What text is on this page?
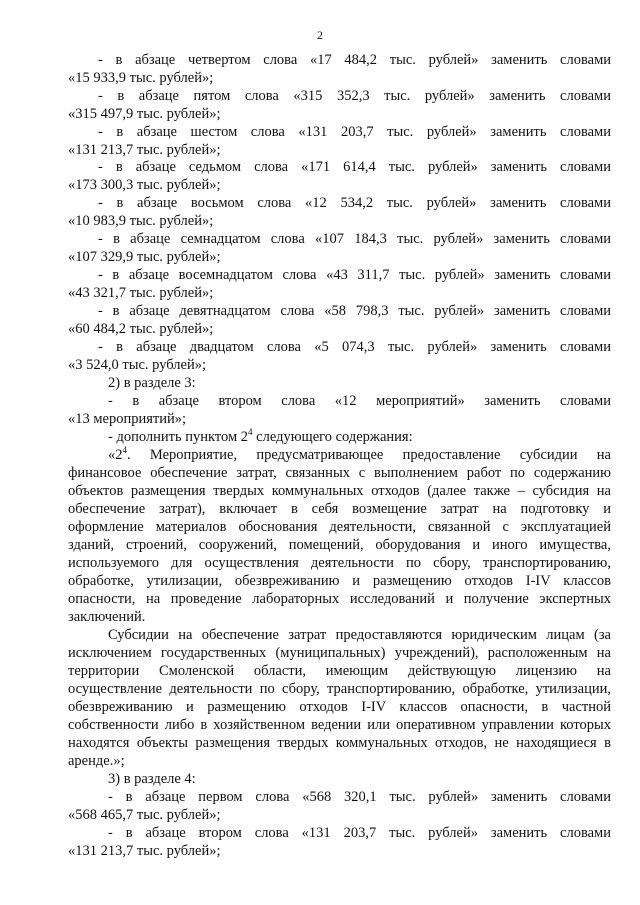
2
- в абзаце четвертом слова «17 484,2 тыс. рублей» заменить словами
«15 933,9 тыс. рублей»;
- в абзаце пятом слова «315 352,3 тыс. рублей» заменить словами
«315 497,9 тыс. рублей»;
- в абзаце шестом слова «131 203,7 тыс. рублей» заменить словами
«131 213,7 тыс. рублей»;
- в абзаце седьмом слова «171 614,4 тыс. рублей» заменить словами
«173 300,3 тыс. рублей»;
- в абзаце восьмом слова «12 534,2 тыс. рублей» заменить словами
«10 983,9 тыс. рублей»;
- в абзаце семнадцатом слова «107 184,3 тыс. рублей» заменить словами
«107 329,9 тыс. рублей»;
- в абзаце восемнадцатом слова «43 311,7 тыс. рублей» заменить словами
«43 321,7 тыс. рублей»;
- в абзаце девятнадцатом слова «58 798,3 тыс. рублей» заменить словами
«60 484,2 тыс. рублей»;
- в абзаце двадцатом слова «5 074,3 тыс. рублей» заменить словами
«3 524,0 тыс. рублей»;
2) в разделе 3:
- в абзаце втором слова «12 мероприятий» заменить словами
«13 мероприятий»;
- дополнить пунктом $2^4$ следующего содержания:
«$2^4$. Мероприятие, предусматривающее предоставление субсидии на
финансовое обеспечение затрат, связанных с выполнением работ по содержанию
объектов размещения твердых коммунальных отходов (далее также – субсидия на
обеспечение затрат), включает в себя возмещение затрат на подготовку и
оформление материалов обоснования деятельности, связанной с эксплуатацией
зданий, строений, сооружений, помещений, оборудования и иного имущества,
используемого для осуществления деятельности по сбору, транспортированию,
обработке, утилизации, обезвреживанию и размещению отходов I-IV классов
опасности, на проведение лабораторных исследований и получение экспертных
заключений.
Субсидии на обеспечение затрат предоставляются юридическим лицам (за
исключением государственных (муниципальных) учреждений), расположенным на
территории Смоленской области, имеющим действующую лицензию на
осуществление деятельности по сбору, транспортированию, обработке, утилизации,
обезвреживанию и размещению отходов I-IV классов опасности, в частной
собственности либо в хозяйственном ведении или оперативном управлении которых
находятся объекты размещения твердых коммунальных отходов, не находящиеся в
аренде.»;
3) в разделе 4:
- в абзаце первом слова «568 320,1 тыс. рублей» заменить словами
«568 465,7 тыс. рублей»;
- в абзаце втором слова «131 203,7 тыс. рублей» заменить словами
«131 213,7 тыс. рублей»;
